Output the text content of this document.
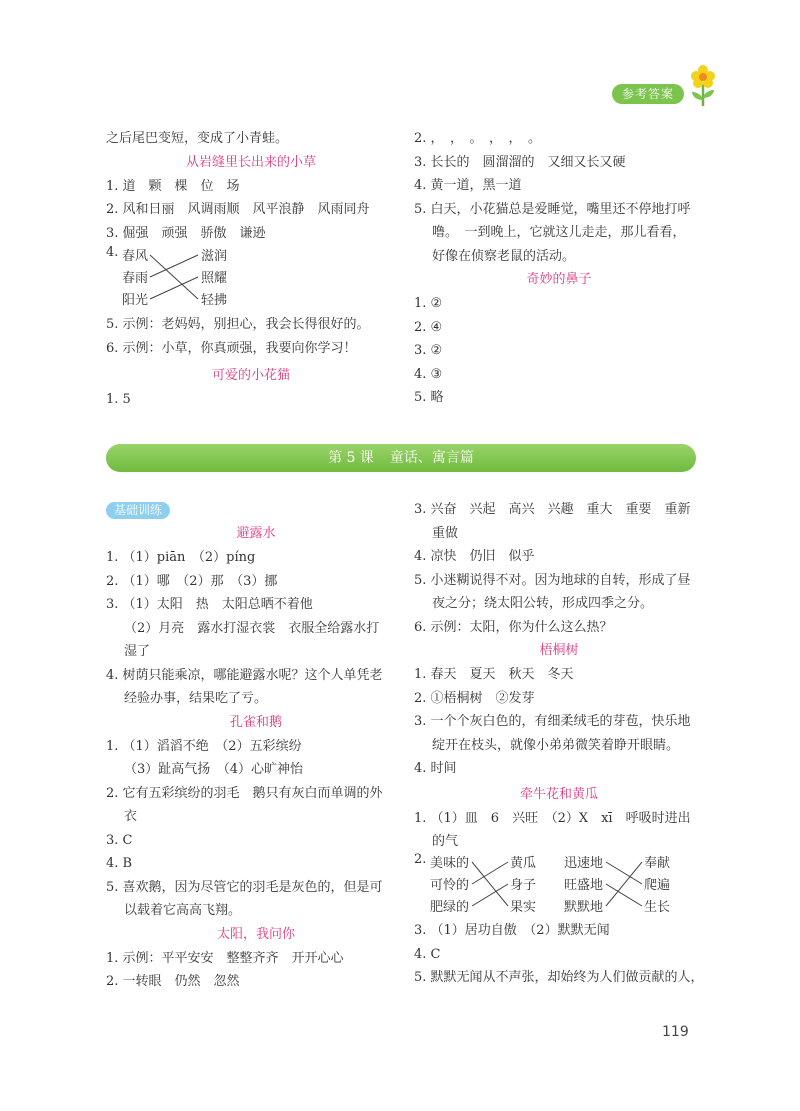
参考答案
之后尾巴变短，变成了小青蛙。
从岩缝里长出来的小草
1. 道　颗　棵　位　场
2. 风和日丽　风调雨顺　风平浪静　风雨同舟
3. 倔强　顽强　骄傲　谦逊
4. 春风
春雨
阳光
滋润
照耀
轻拂
5. 示例：老妈妈，别担心，我会长得很好的。
6. 示例：小草，你真顽强，我要向你学习！
可爱的小花猫
1. 5
2. ，　，　。　，　，　。
3. 长长的　圆溜溜的　又细又长又硬
4. 黄一道，黑一道
5. 白天，小花猫总是爱睡觉，嘴里还不停地打呼
噜。　一到晚上，它就这儿走走，那儿看看，
好像在侦察老鼠的活动。
奇妙的鼻子
1. ②
2. ④
3. ②
4. ③
5. 略
第 5 课 童话、寓言篇
基础训练
避露水
1. （1）piān　（2）píng
2. （1）哪　（2）那　（3）挪
3. （1）太阳　热　太阳总晒不着他
（2）月亮　露水打湿衣裳　衣服全给露水打
湿了
4. 树荫只能乘凉，哪能避露水呢？这个人单凭老
经验办事，结果吃了亏。
孔雀和鹅
1. （1）滔滔不绝　（2）五彩缤纷
（3）趾高气扬　（4）心旷神怡
2. 它有五彩缤纷的羽毛　鹅只有灰白而单调的外
衣
3. C
4. B
5. 喜欢鹅，因为尽管它的羽毛是灰色的，但是可
以载着它高高飞翔。
太阳，我问你
1. 示例：平平安安　整整齐齐　开开心心
2. 一转眼　仍然　忽然
3. 兴奋　兴起　高兴　兴趣　重大　重要　重新
重做
4. 凉快　仍旧　似乎
5. 小迷糊说得不对。因为地球的自转，形成了昼
夜之分；绕太阳公转，形成四季之分。
6. 示例：太阳，你为什么这么热？
梧桐树
1. 春天　夏天　秋天　冬天
2. ①梧桐树　②发芽
3. 一个个灰白色的，有细柔绒毛的芽苞，快乐地
绽开在枝头，就像小弟弟微笑着睁开眼睛。
4. 时间
牵牛花和黄瓜
1. （1）皿　6　兴旺　（2）X　xī　呼吸时进出
的气
2. 美味的
可怜的
肥绿的
黄瓜
身子
果实
迅速地
旺盛地
默默地
奉献
爬遍
生长
3. （1）居功自傲　（2）默默无闻
4. C
5. 默默无闻从不声张，却始终为人们做贡献的人，
119
